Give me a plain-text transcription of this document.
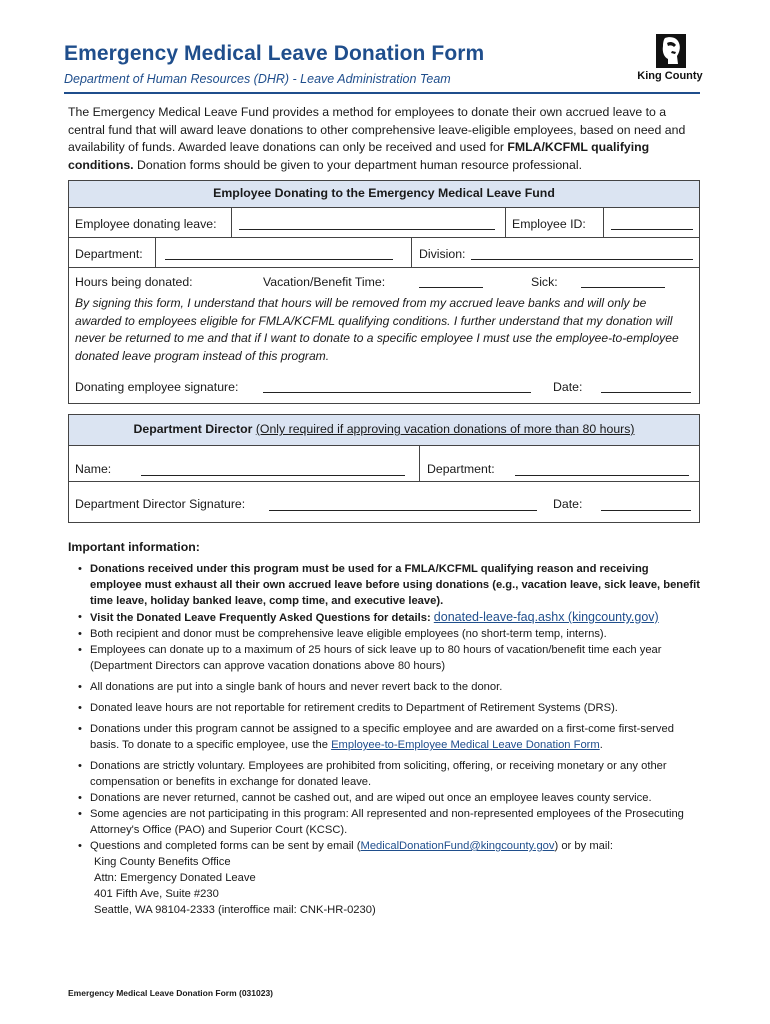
Emergency Medical Leave Donation Form
Department of Human Resources (DHR) - Leave Administration Team	King County
The Emergency Medical Leave Fund provides a method for employees to donate their own accrued leave to a central fund that will award leave donations to other comprehensive leave-eligible employees, based on need and availability of funds. Awarded leave donations can only be received and used for FMLA/KCFML qualifying conditions. Donation forms should be given to your department human resource professional.
Employee Donating to the Emergency Medical Leave Fund
Employee donating leave:	Employee ID:
Department:	Division:
Hours being donated:	Vacation/Benefit Time:	Sick:
By signing this form, I understand that hours will be removed from my accrued leave banks and will only be awarded to employees eligible for FMLA/KCFML qualifying conditions. I further understand that my donation will never be returned to me and that if I want to donate to a specific employee I must use the employee-to-employee donated leave program instead of this program.
Donating employee signature:	Date:
Department Director (Only required if approving vacation donations of more than 80 hours)
Name:	Department:
Department Director Signature:	Date:
Important information:
• Donations received under this program must be used for a FMLA/KCFML qualifying reason and receiving employee must exhaust all their own accrued leave before using donations (e.g., vacation leave, sick leave, benefit time leave, holiday banked leave, comp time, and executive leave).
• Visit the Donated Leave Frequently Asked Questions for details: donated-leave-faq.ashx (kingcounty.gov)
• Both recipient and donor must be comprehensive leave eligible employees (no short-term temp, interns).
• Employees can donate up to a maximum of 25 hours of sick leave up to 80 hours of vacation/benefit time each year (Department Directors can approve vacation donations above 80 hours)
• All donations are put into a single bank of hours and never revert back to the donor.
• Donated leave hours are not reportable for retirement credits to Department of Retirement Systems (DRS).
• Donations under this program cannot be assigned to a specific employee and are awarded on a first-come first-served basis. To donate to a specific employee, use the Employee-to-Employee Medical Leave Donation Form.
• Donations are strictly voluntary. Employees are prohibited from soliciting, offering, or receiving monetary or any other compensation or benefits in exchange for donated leave.
• Donations are never returned, cannot be cashed out, and are wiped out once an employee leaves county service.
• Some agencies are not participating in this program: All represented and non-represented employees of the Prosecuting Attorney's Office (PAO) and Superior Court (KCSC).
• Questions and completed forms can be sent by email (MedicalDonationFund@kingcounty.gov) or by mail:
King County Benefits Office
Attn: Emergency Donated Leave
401 Fifth Ave, Suite #230
Seattle, WA 98104-2333 (interoffice mail: CNK-HR-0230)
Emergency Medical Leave Donation Form (031023)
